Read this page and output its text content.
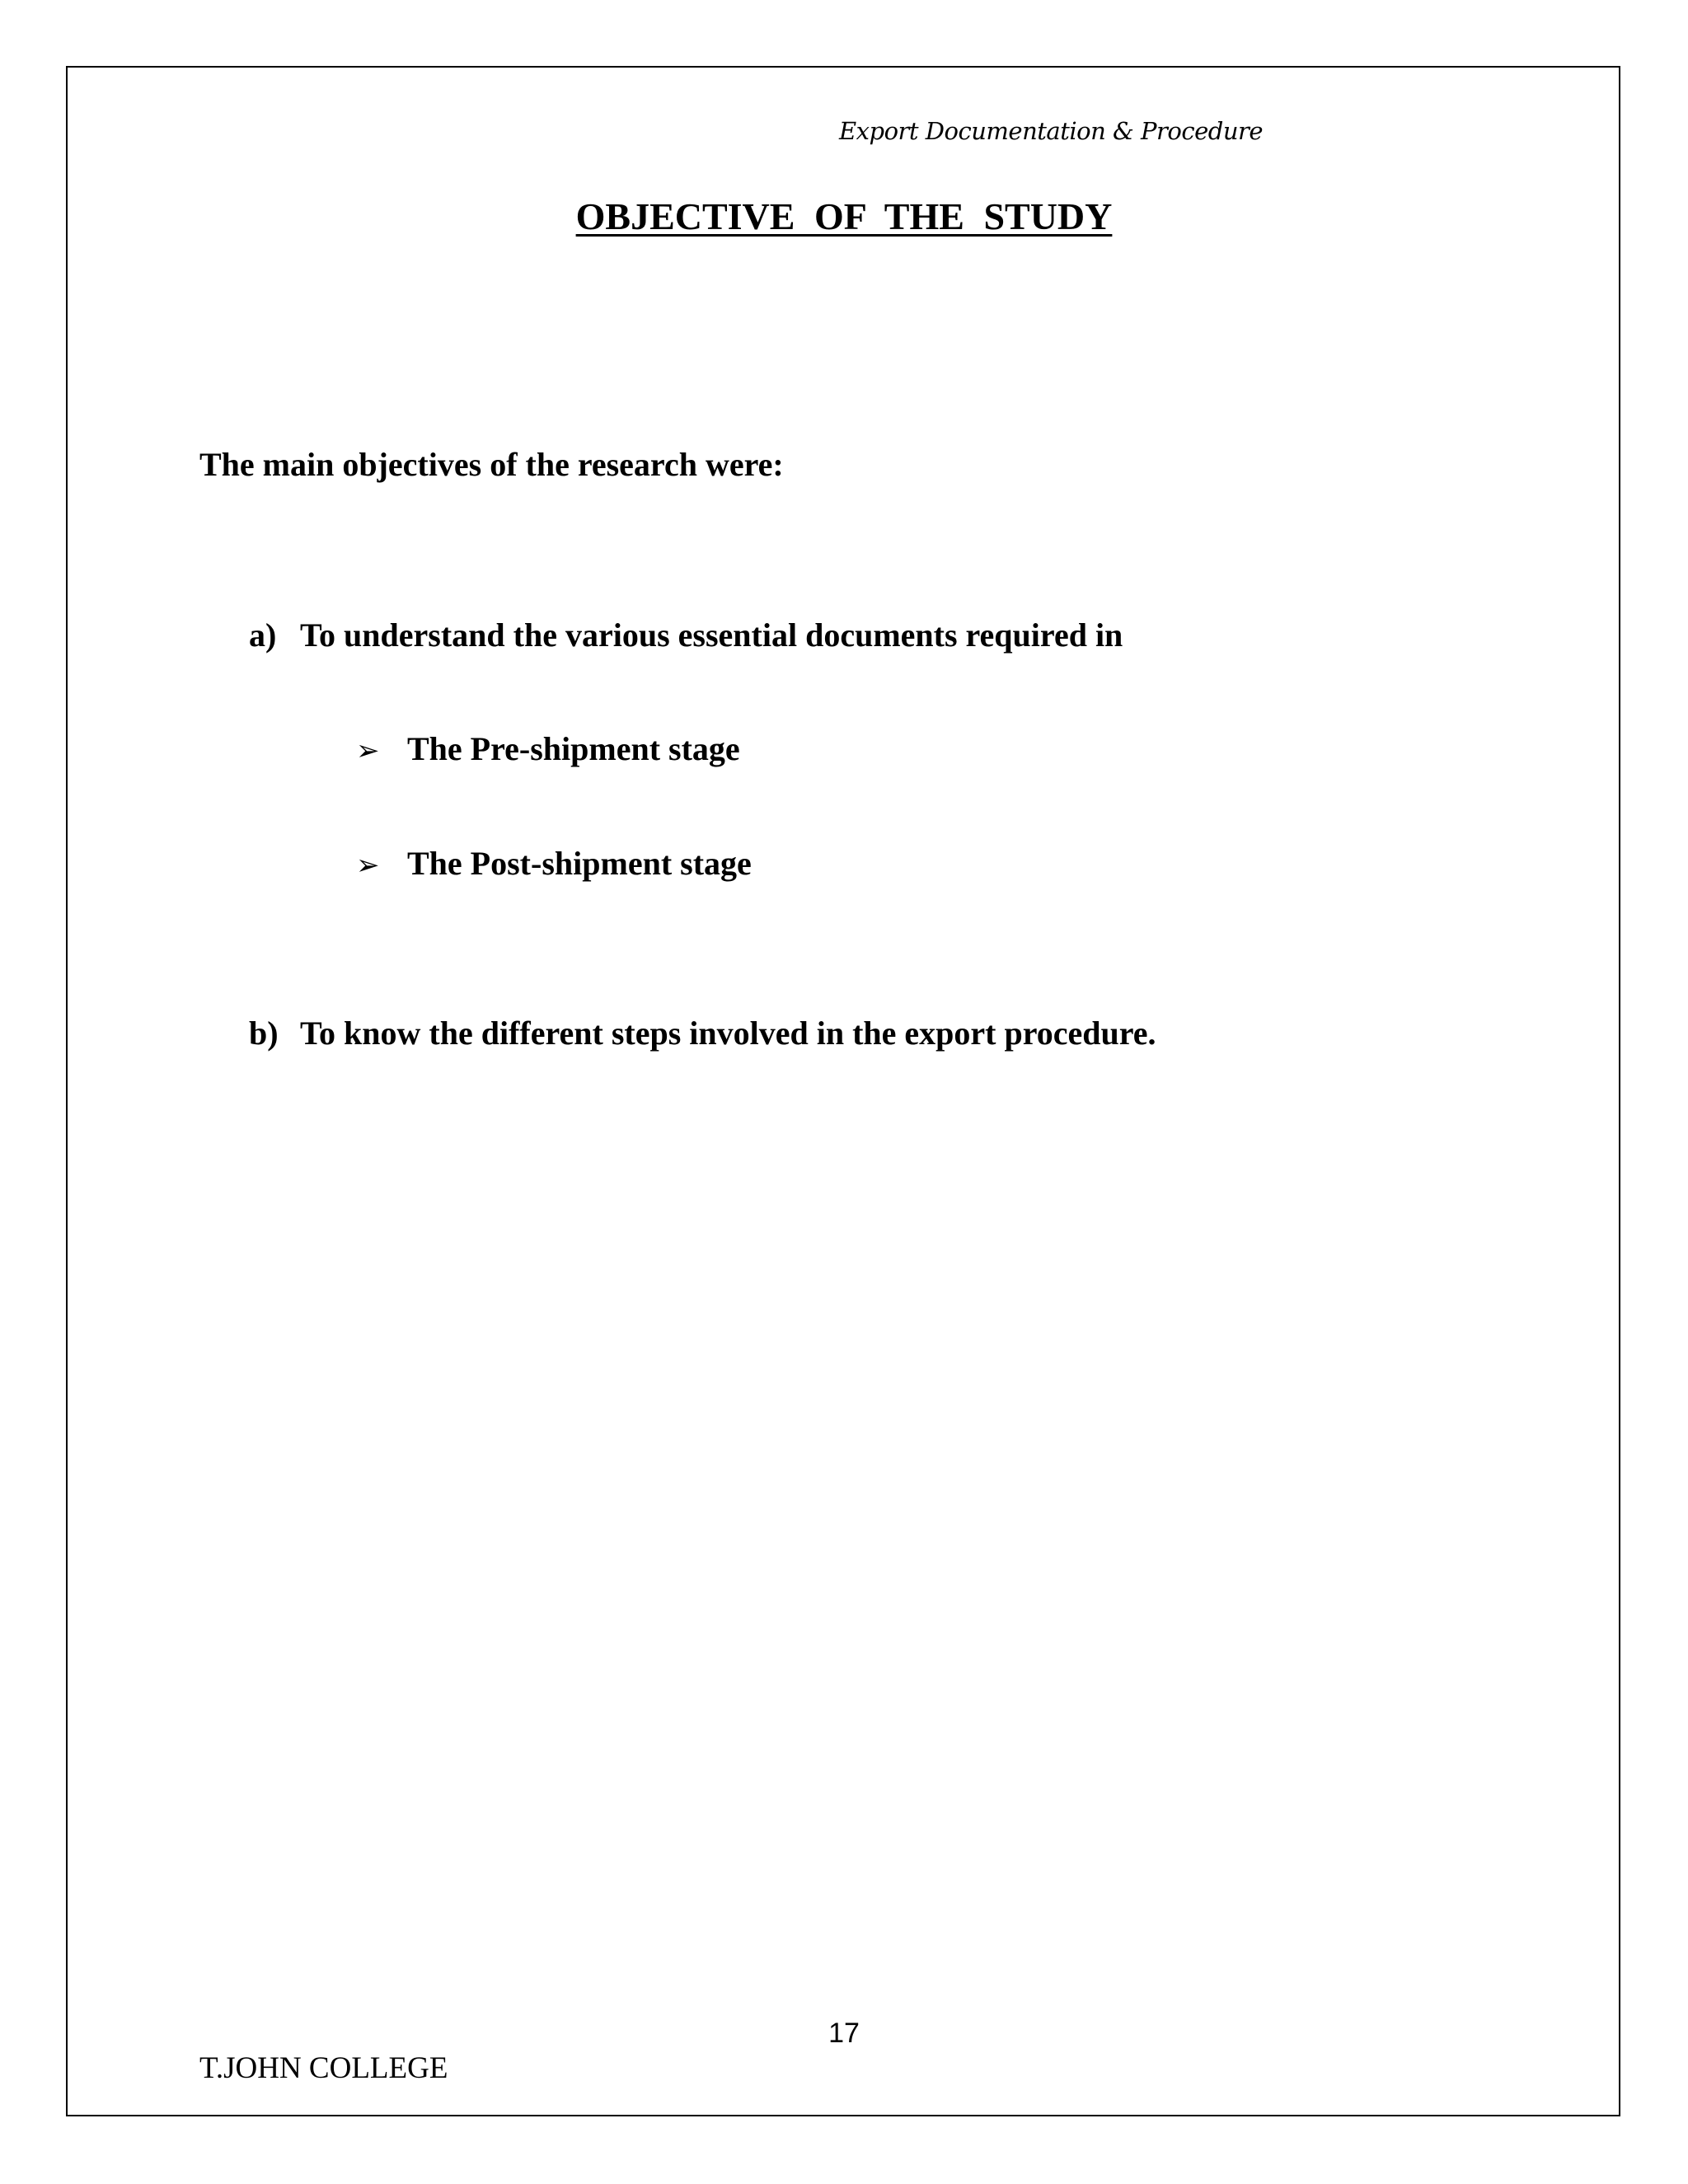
Export Documentation & Procedure
OBJECTIVE OF THE STUDY
The main objectives of the research were:
a) To understand the various essential documents required in
➢ The Pre-shipment stage
➢ The Post-shipment stage
b) To know the different steps involved in the export procedure.
17
T.JOHN COLLEGE
